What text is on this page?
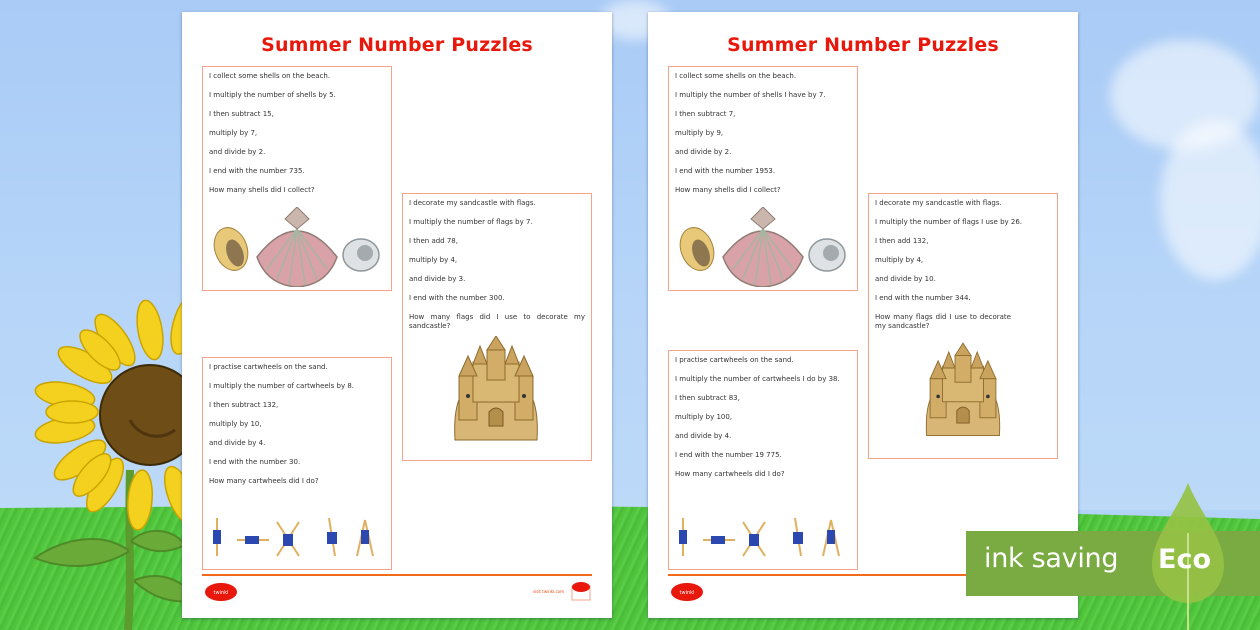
Summer Number Puzzles
I collect some shells on the beach.
I multiply the number of shells by 5.
I then subtract 15,
multiply by 7,
and divide by 2.
I end with the number 735.
How many shells did I collect?
I decorate my sandcastle with flags.
I multiply the number of flags by 7.
I then add 78,
multiply by 4,
and divide by 3.
I end with the number 300.
How many flags did I use to decorate my sandcastle?
I practise cartwheels on the sand.
I multiply the number of cartwheels by 8.
I then subtract 132,
multiply by 10,
and divide by 4.
I end with the number 30.
How many cartwheels did I do?
twinkl	visit twinkl.com
Summer Number Puzzles
I collect some shells on the beach.
I multiply the number of shells I have by 7.
I then subtract 7,
multiply by 9,
and divide by 2.
I end with the number 1953.
How many shells did I collect?
I decorate my sandcastle with flags.
I multiply the number of flags I use by 26.
I then add 132,
multiply by 4,
and divide by 10.
I end with the number 344.
How many flags did I use to decorate my sandcastle?
I practise cartwheels on the sand.
I multiply the number of cartwheels I do by 38.
I then subtract 83,
multiply by 100,
and divide by 4.
I end with the number 19 775.
How many cartwheels did I do?
twinkl
ink saving Eco
